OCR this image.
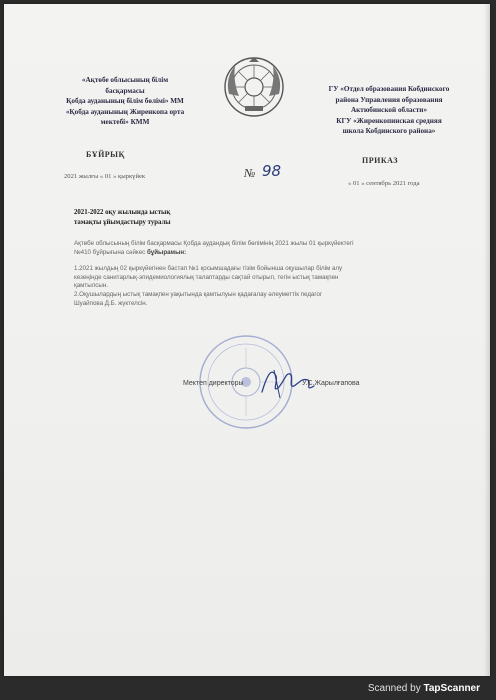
«Ақтөбе облысының білім
басқармасы
Қобда ауданының білім бөлімі» ММ
«Қобда ауданының Жиренкопа орта
мектебі» КММ
ГУ «Отдел образования Кобдинского
района Управления образования
Актюбинской области»
КГУ «Жиренкопинская средняя
школа Кобдинского района»
БҰЙРЫҚ
ПРИКАЗ
2021 жылғы « 01 » қыркүйек
« 01 » сентябрь 2021 года
№ 98
2021-2022 оқу жылында ыстық
тамақты ұйымдастыру туралы
Ақтөбе облысының білім басқармасы Қобда аудандық білім бөлімінің 2021 жылы 01 қыркүйектегі
№410 бұйрығына сәйкес бұйырамын:
1.2021 жылдың 02 қыркүйегінен бастап №1 қосымшадағы тізім бойынша оқушылар білім алу
кезеңінде санитарлық-эпидемиологиялық талаптарды сақтай отырып, тегін ыстық тамақпен
қамтылсын.
2.Оқушылардың ыстық тамақпен уақытында қамтылуын қадағалау әлеуметтік педагог
Шуайпова Д.Б. жүктелсін.
Мектеп директоры	У.С.Жарылғапова
Scanned by TapScanner
